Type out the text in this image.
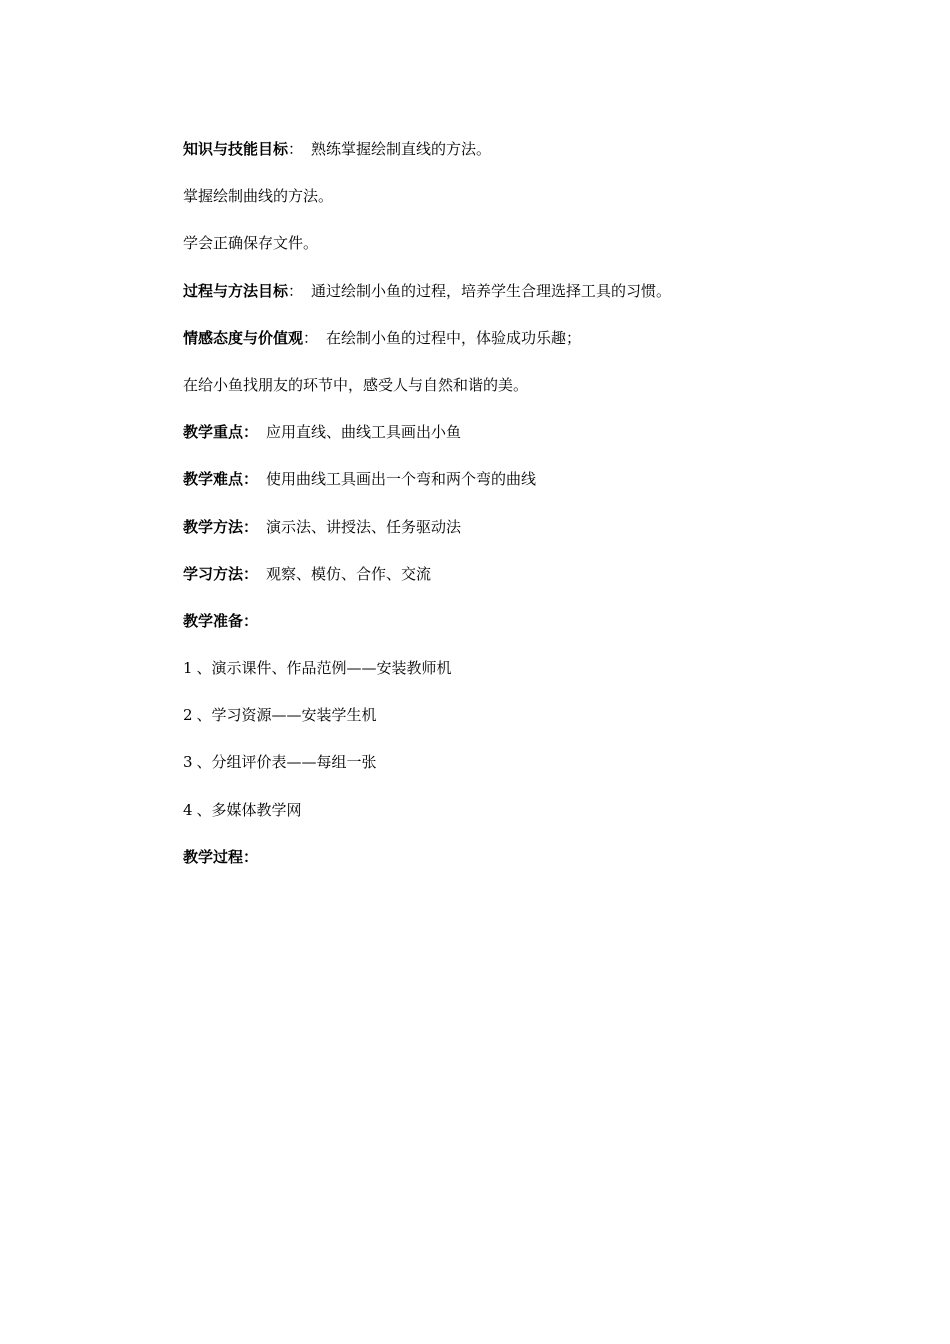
知识与技能目标： 熟练掌握绘制直线的方法。
掌握绘制曲线的方法。
学会正确保存文件。
过程与方法目标： 通过绘制小鱼的过程，培养学生合理选择工具的习惯。
情感态度与价值观： 在绘制小鱼的过程中，体验成功乐趣；
在给小鱼找朋友的环节中，感受人与自然和谐的美。
教学重点： 应用直线、曲线工具画出小鱼
教学难点： 使用曲线工具画出一个弯和两个弯的曲线
教学方法： 演示法、讲授法、任务驱动法
学习方法： 观察、模仿、合作、交流
教学准备：
1 、演示课件、作品范例——安装教师机
2 、学习资源——安装学生机
3 、分组评价表——每组一张
4 、多媒体教学网
教学过程：
